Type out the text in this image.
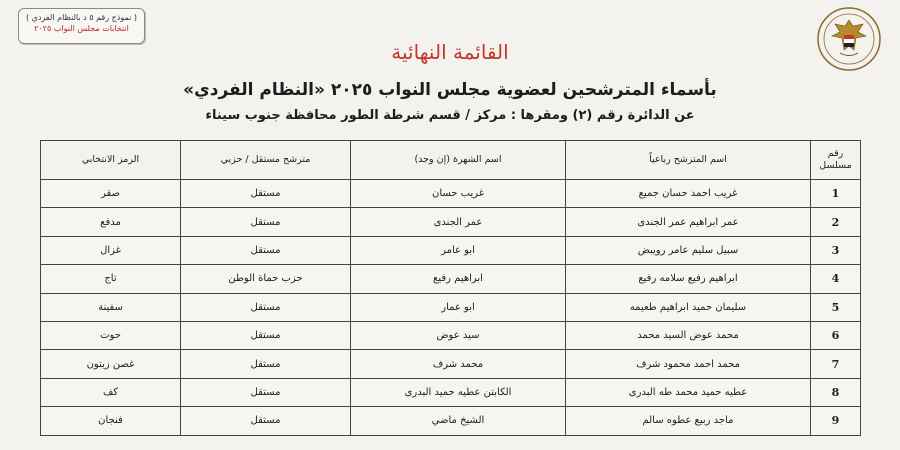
( نموذج رقم ٥ د بالنظام الفردي )
انتخابات مجلس النواب ٢٠٢٥
القائمة النهائية
بأسماء المترشحين لعضوية مجلس النواب ٢٠٢٥ «النظام الفردي»
عن الدائرة رقم (٢) ومقرها : مركز / قسم شرطة الطور محافظة جنوب سيناء
رقم مسلسل	اسم المترشح رباعياً	اسم الشهرة (إن وجد)	مترشح مستقل / حزبي	الرمز الانتخابي
1	غريب احمد حسان جميع	غريب حسان	مستقل	صقر
2	عمر ابراهيم عمر الجندى	عمر الجندى	مستقل	مدفع
3	سبيل سليم عامر رويبض	ابو عامر	مستقل	غزال
4	ابراهيم رفيع سلامه رفيع	ابراهيم رفيع	حزب حماة الوطن	تاج
5	سليمان حميد ابراهيم طعيمه	ابو عمار	مستقل	سفينة
6	محمد عوض السيد محمد	سيد عوض	مستقل	حوت
7	محمد احمد محمود شرف	محمد شرف	مستقل	غصن زيتون
8	عطيه حميد محمد طه البدرى	الكابتن عطيه حميد البدرى	مستقل	كف
9	ماجد ربيع عطوه سالم	الشيخ ماضي	مستقل	فنجان
